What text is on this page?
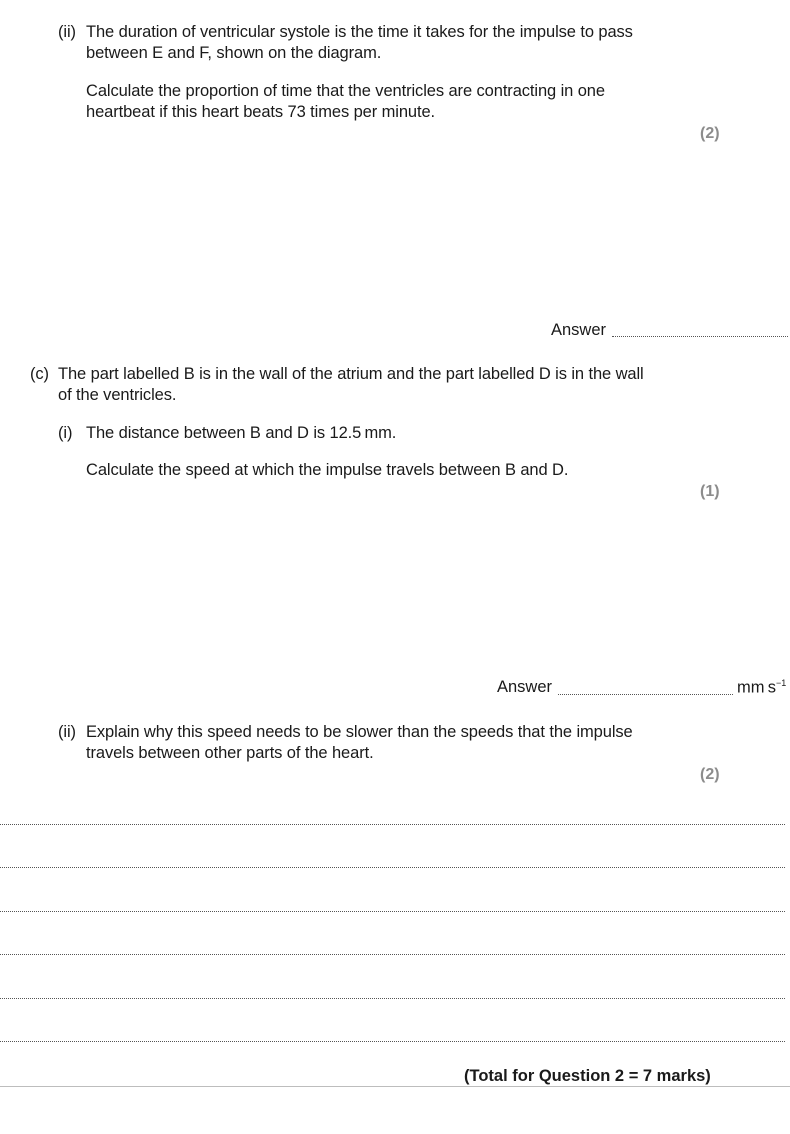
(ii) The duration of ventricular systole is the time it takes for the impulse to pass
between E and F, shown on the diagram.
Calculate the proportion of time that the ventricles are contracting in one
heartbeat if this heart beats 73 times per minute.
(2)
Answer
(c) The part labelled B is in the wall of the atrium and the part labelled D is in the wall
of the ventricles.
(i) The distance between B and D is 12.5 mm.
Calculate the speed at which the impulse travels between B and D.
(1)
Answer	mm $s^{-1}$
(ii) Explain why this speed needs to be slower than the speeds that the impulse
travels between other parts of the heart.
(2)
(Total for Question 2 = 7 marks)
